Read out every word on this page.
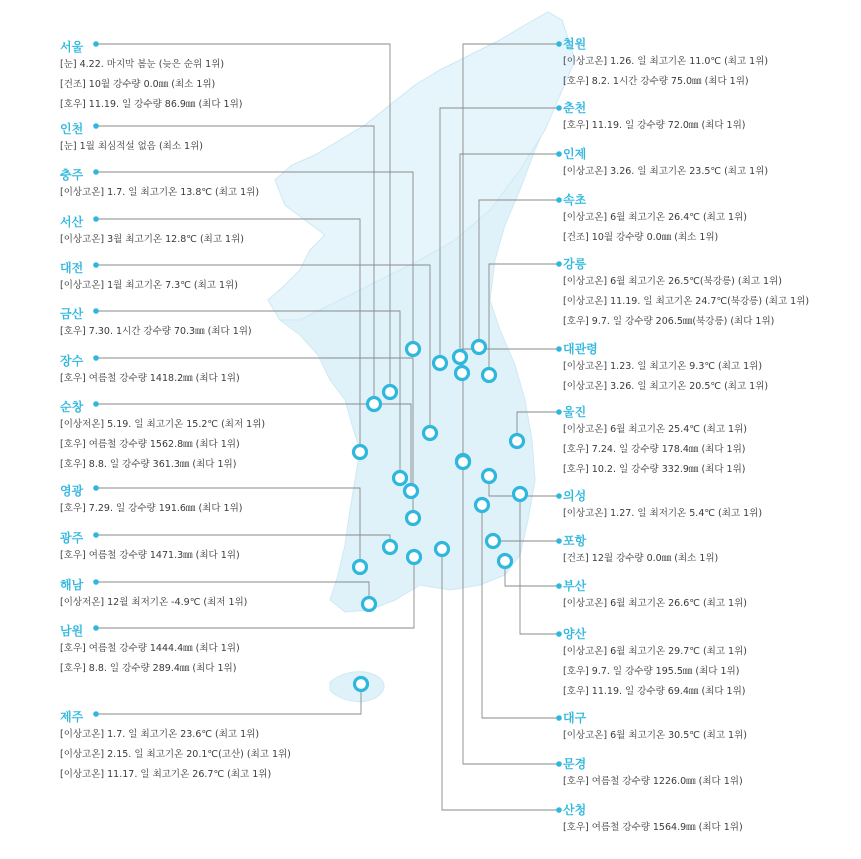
서울
[눈] 4.22. 마지막 봄눈 (늦은 순위 1위)
[건조] 10월 강수량 0.0㎜ (최소 1위)
[호우] 11.19. 일 강수량 86.9㎜ (최다 1위)
인천
[눈] 1월 최심적설 없음 (최소 1위)
충주
[이상고온] 1.7. 일 최고기온 13.8℃ (최고 1위)
서산
[이상고온] 3월 최고기온 12.8℃ (최고 1위)
대전
[이상고온] 1월 최고기온 7.3℃ (최고 1위)
금산
[호우] 7.30. 1시간 강수량 70.3㎜ (최다 1위)
장수
[호우] 여름철 강수량 1418.2㎜ (최다 1위)
순창
[이상저온] 5.19. 일 최고기온 15.2℃ (최저 1위)
[호우] 여름철 강수량 1562.8㎜ (최다 1위)
[호우] 8.8. 일 강수량 361.3㎜ (최다 1위)
영광
[호우] 7.29. 일 강수량 191.6㎜ (최다 1위)
광주
[호우] 여름철 강수량 1471.3㎜ (최다 1위)
해남
[이상저온] 12월 최저기온 -4.9℃ (최저 1위)
남원
[호우] 여름철 강수량 1444.4㎜ (최다 1위)
[호우] 8.8. 일 강수량 289.4㎜ (최다 1위)
제주
[이상고온] 1.7. 일 최고기온 23.6℃ (최고 1위)
[이상고온] 2.15. 일 최고기온 20.1℃(고산) (최고 1위)
[이상고온] 11.17. 일 최고기온 26.7℃ (최고 1위)
철원
[이상고온] 1.26. 일 최고기온 11.0℃ (최고 1위)
[호우] 8.2. 1시간 강수량 75.0㎜ (최다 1위)
춘천
[호우] 11.19. 일 강수량 72.0㎜ (최다 1위)
인제
[이상고온] 3.26. 일 최고기온 23.5℃ (최고 1위)
속초
[이상고온] 6월 최고기온 26.4℃ (최고 1위)
[건조] 10월 강수량 0.0㎜ (최소 1위)
강릉
[이상고온] 6월 최고기온 26.5℃(북강릉) (최고 1위)
[이상고온] 11.19. 일 최고기온 24.7℃(북강릉) (최고 1위)
[호우] 9.7. 일 강수량 206.5㎜(북강릉) (최다 1위)
대관령
[이상고온] 1.23. 일 최고기온 9.3℃ (최고 1위)
[이상고온] 3.26. 일 최고기온 20.5℃ (최고 1위)
울진
[이상고온] 6월 최고기온 25.4℃ (최고 1위)
[호우] 7.24. 일 강수량 178.4㎜ (최다 1위)
[호우] 10.2. 일 강수량 332.9㎜ (최다 1위)
의성
[이상고온] 1.27. 일 최저기온 5.4℃ (최고 1위)
포항
[건조] 12월 강수량 0.0㎜ (최소 1위)
부산
[이상고온] 6월 최고기온 26.6℃ (최고 1위)
양산
[이상고온] 6월 최고기온 29.7℃ (최고 1위)
[호우] 9.7. 일 강수량 195.5㎜ (최다 1위)
[호우] 11.19. 일 강수량 69.4㎜ (최다 1위)
대구
[이상고온] 6월 최고기온 30.5℃ (최고 1위)
문경
[호우] 여름철 강수량 1226.0㎜ (최다 1위)
산청
[호우] 여름철 강수량 1564.9㎜ (최다 1위)
